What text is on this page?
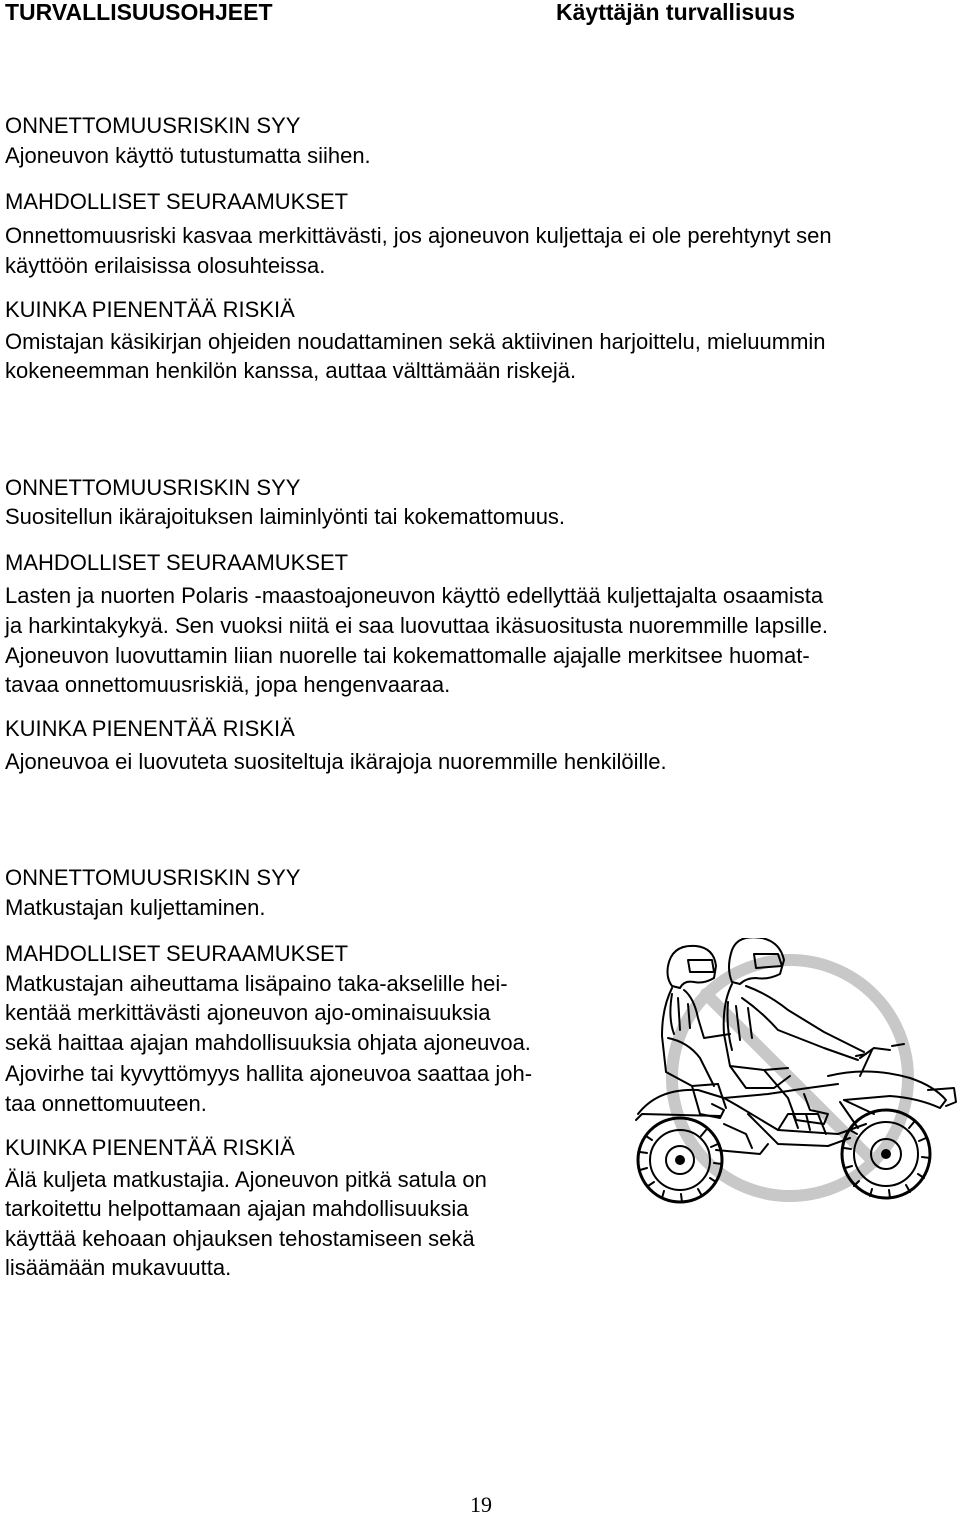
TURVALLISUUSOHJEET	Käyttäjän turvallisuus
ONNETTOMUUSRISKIN SYY
Ajoneuvon käyttö tutustumatta siihen.
MAHDOLLISET SEURAAMUKSET
Onnettomuusriski kasvaa merkittävästi, jos ajoneuvon kuljettaja ei ole perehtynyt sen
käyttöön erilaisissa olosuhteissa.
KUINKA PIENENTÄÄ RISKIÄ
Omistajan käsikirjan ohjeiden noudattaminen sekä aktiivinen harjoittelu, mieluummin
kokeneemman henkilön kanssa, auttaa välttämään riskejä.
ONNETTOMUUSRISKIN SYY
Suositellun ikärajoituksen laiminlyönti tai kokemattomuus.
MAHDOLLISET SEURAAMUKSET
Lasten ja nuorten Polaris -maastoajoneuvon käyttö edellyttää kuljettajalta osaamista
ja harkintakykyä. Sen vuoksi niitä ei saa luovuttaa ikäsuositusta nuoremmille lapsille.
Ajoneuvon luovuttamin liian nuorelle tai kokemattomalle ajajalle merkitsee huomat-
tavaa onnettomuusriskiä, jopa hengenvaaraa.
KUINKA PIENENTÄÄ RISKIÄ
Ajoneuvoa ei luovuteta suositeltuja ikärajoja nuoremmille henkilöille.
ONNETTOMUUSRISKIN SYY
Matkustajan kuljettaminen.
MAHDOLLISET SEURAAMUKSET
Matkustajan aiheuttama lisäpaino taka-akselille hei-
kentää merkittävästi ajoneuvon ajo-ominaisuuksia
sekä haittaa ajajan mahdollisuuksia ohjata ajoneuvoa.
Ajovirhe tai kyvyttömyys hallita ajoneuvoa saattaa joh-
taa onnettomuuteen.
KUINKA PIENENTÄÄ RISKIÄ
Älä kuljeta matkustajia. Ajoneuvon pitkä satula on
tarkoitettu helpottamaan ajajan mahdollisuuksia
käyttää kehoaan ohjauksen tehostamiseen sekä
lisäämään mukavuutta.
19
